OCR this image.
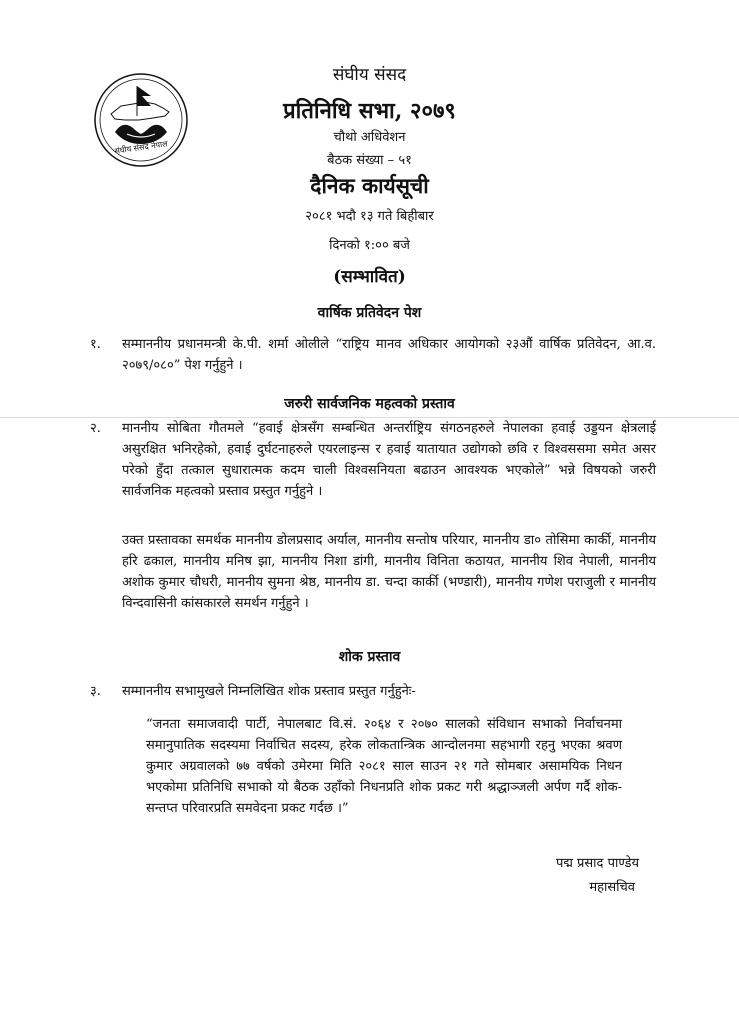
संघीय संसद नेपाल
संघीय संसद
प्रतिनिधि सभा, २०७९
चौथो अधिवेशन
बैठक संख्या – ५१
दैनिक कार्यसूची
२०८१ भदौ १३ गते बिहीबार
दिनको १:०० बजे
(सम्भावित)
वार्षिक प्रतिवेदन पेश
१. सम्माननीय प्रधानमन्त्री के.पी. शर्मा ओलीले “राष्ट्रिय मानव अधिकार आयोगको २३औं वार्षिक प्रतिवेदन, आ.व. २०७९/०८०” पेश गर्नुहुने ।
जरुरी सार्वजनिक महत्वको प्रस्ताव
२. माननीय सोबिता गौतमले “हवाई क्षेत्रसँग सम्बन्धित अन्तर्राष्ट्रिय संगठनहरुले नेपालका हवाई उड्डयन क्षेत्रलाई असुरक्षित भनिरहेको, हवाई दुर्घटनाहरुले एयरलाइन्स र हवाई यातायात उद्योगको छवि र विश्वससमा समेत असर परेको हुँदा तत्काल सुधारात्मक कदम चाली विश्वसनियता बढाउन आवश्यक भएकोले” भन्ने विषयको जरुरी सार्वजनिक महत्वको प्रस्ताव प्रस्तुत गर्नुहुने ।
उक्त प्रस्तावका समर्थक माननीय डोलप्रसाद अर्याल, माननीय सन्तोष परियार, माननीय डा० तोसिमा कार्की, माननीय हरि ढकाल, माननीय मनिष झा, माननीय निशा डांगी, माननीय विनिता कठायत, माननीय शिव नेपाली, माननीय अशोक कुमार चौधरी, माननीय सुमना श्रेष्ठ, माननीय डा. चन्दा कार्की (भण्डारी), माननीय गणेश पराजुली र माननीय विन्दवासिनी कांसकारले समर्थन गर्नुहुने ।
शोक प्रस्ताव
३. सम्माननीय सभामुखले निम्नलिखित शोक प्रस्ताव प्रस्तुत गर्नुहुनेः-
“जनता समाजवादी पार्टी, नेपालबाट वि.सं. २०६४ र २०७० सालको संविधान सभाको निर्वाचनमा समानुपातिक सदस्यमा निर्वाचित सदस्य, हरेक लोकतान्त्रिक आन्दोलनमा सहभागी रहनु भएका श्रवण कुमार अग्रवालको ७७ वर्षको उमेरमा मिति २०८१ साल साउन २१ गते सोमबार असामयिक निधन भएकोमा प्रतिनिधि सभाको यो बैठक उहाँको निधनप्रति शोक प्रकट गरी श्रद्धाञ्जली अर्पण गर्दै शोक-सन्तप्त परिवारप्रति समवेदना प्रकट गर्दछ ।”
पद्म प्रसाद पाण्डेय
महासचिव
